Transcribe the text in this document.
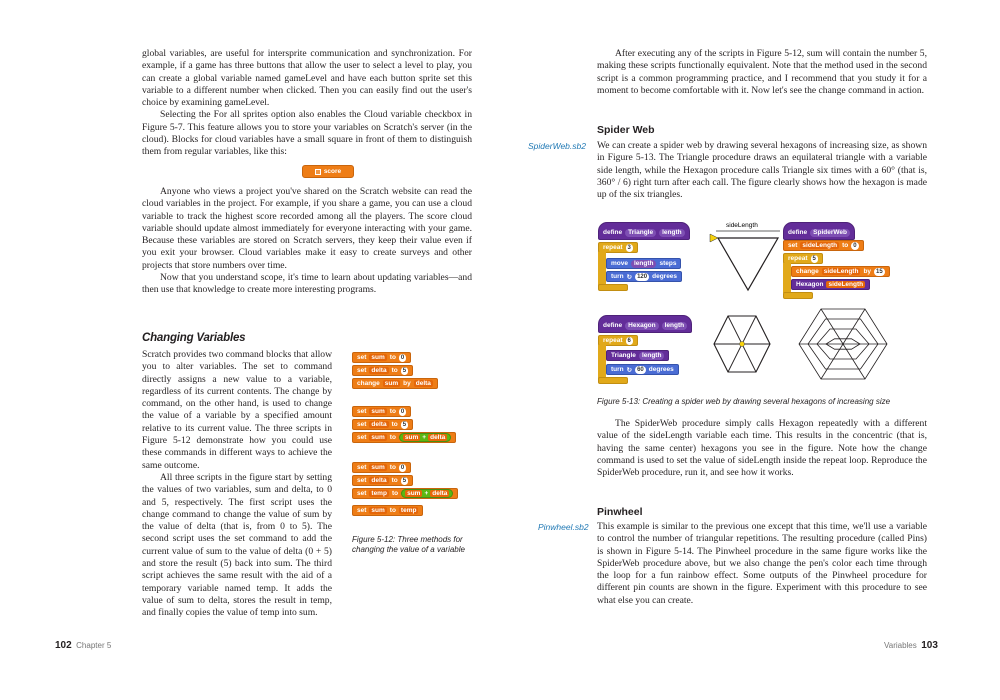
global variables, are useful for intersprite communication and synchronization. For example, if a game has three buttons that allow the user to select a level to play, you can create a global variable named gameLevel and have each button sprite set this variable to a different number when clicked. Then you can easily find out the user's choice by examining gameLevel.

Selecting the For all sprites option also enables the Cloud variable checkbox in Figure 5-7. This feature allows you to store your variables on Scratch's server (in the cloud). Blocks for cloud variables have a small square in front of them to distinguish them from regular variables, like this:

score

Anyone who views a project you've shared on the Scratch website can read the cloud variables in the project. For example, if you share a game, you can use a cloud variable to track the highest score recorded among all the players. The score cloud variable should update almost immediately for everyone interacting with your game. Because these variables are stored on Scratch servers, they keep their value even if you exit your browser. Cloud variables make it easy to create surveys and other projects that store numbers over time.

Now that you understand scope, it's time to learn about updating variables—and then use that knowledge to create more interesting programs.

Changing Variables

Scratch provides two command blocks that allow you to alter variables. The set to command directly assigns a new value to a variable, regardless of its current contents. The change by command, on the other hand, is used to change the value of a variable by a specified amount relative to its current value. The three scripts in Figure 5-12 demonstrate how you could use these commands in different ways to achieve the same outcome.

All three scripts in the figure start by setting the values of two variables, sum and delta, to 0 and 5, respectively. The first script uses the change command to change the value of sum by the value of delta (that is, from 0 to 5). The second script uses the set command to add the current value of sum to the value of delta (0 + 5) and store the result (5) back into sum. The third script achieves the same result with the aid of a temporary variable named temp. It adds the value of sum to delta, stores the result in temp, and finally copies the value of temp into sum.

set sum to 0
set delta to 5
change sum by delta
set sum to 0
set delta to 5
set sum to	sum + delta
set sum to 0
set delta to 5
set temp to	sum + delta
set sum to temp
Figure 5-12: Three methods for changing the value of a variable
102 Chapter 5

After executing any of the scripts in Figure 5-12, sum will contain the number 5, making these scripts functionally equivalent. Note that the method used in the second script is a common programming practice, and I recommend that you study it for a moment to become comfortable with it. Now let's see the change command in action.

Spider Web
SpiderWeb.sb2 We can create a spider web by drawing several hexagons of increasing size, as shown in Figure 5-13. The Triangle procedure draws an equilateral triangle with a variable side length, while the Hexagon procedure calls Triangle six times with a 60° (that is, 360° / 6) right turn after each call. The figure clearly shows how the hexagon is made up of the six triangles.

define Triangle length
repeat 3
move length steps
turn ↻ 120 degrees
sideLength
define SpiderWeb
set sideLength to 0
repeat 5
change sideLength by 15
Hexagon sideLength
define Hexagon length
repeat 6
Triangle length
turn ↻ 60 degrees
Figure 5-13: Creating a spider web by drawing several hexagons of increasing size

The SpiderWeb procedure simply calls Hexagon repeatedly with a different value of the sideLength variable each time. This results in the concentric (that is, having the same center) hexagons you see in the figure. Note how the change command is used to set the value of sideLength inside the repeat loop. Reproduce the SpiderWeb procedure, run it, and see how it works.

Pinwheel
Pinwheel.sb2 This example is similar to the previous one except that this time, we'll use a variable to control the number of triangular repetitions. The resulting procedure (called Pins) is shown in Figure 5-14. The Pinwheel procedure in the same figure works like the SpiderWeb procedure above, but we also change the pen's color each time through the loop for a fun rainbow effect. Some outputs of the Pinwheel procedure for different pin counts are shown in the figure. Experiment with this procedure to see what else you can create.

Variables 103
